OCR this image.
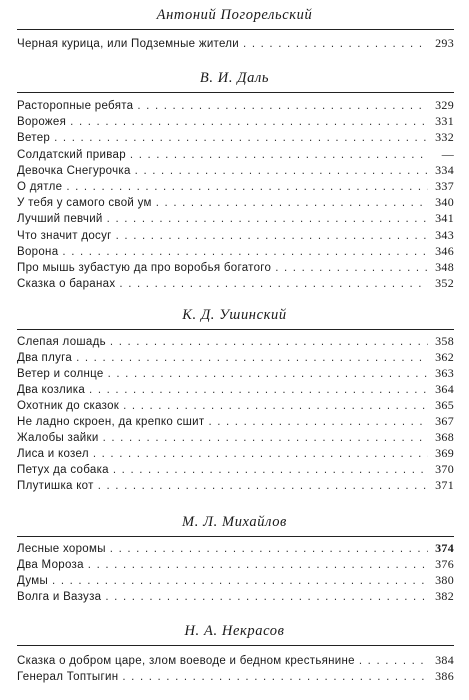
Антоний Погорельский
Черная курица, или Подземные жители . . .	293
В. И. Даль
Расторопные ребята . . .	329
Ворожея . . .	331
Ветер . . .	332
Солдатский привар . . .	—
Девочка Снегурочка . . .	334
О дятле . . .	337
У тебя у самого свой ум . . .	340
Лучший певчий . . .	341
Что значит досуг . . .	343
Ворона . . .	346
Про мышь зубастую да про воробья богатого . . .	348
Сказка о баранах . . .	352
К. Д. Ушинский
Слепая лошадь . . .	358
Два плуга . . .	362
Ветер и солнце . . .	363
Два козлика . . .	364
Охотник до сказок . . .	365
Не ладно скроен, да крепко сшит . . .	367
Жалобы зайки . . .	368
Лиса и козел . . .	369
Петух да собака . . .	370
Плутишка кот . . .	371
М. Л. Михайлов
Лесные хоромы . . .	374
Два Мороза . . .	376
Думы . . .	380
Волга и Вазуза . . .	382
Н. А. Некрасов
Сказка о добром царе, злом воеводе и бедном крестьянине . . .	384
Генерал Топтыгин . . .	386
